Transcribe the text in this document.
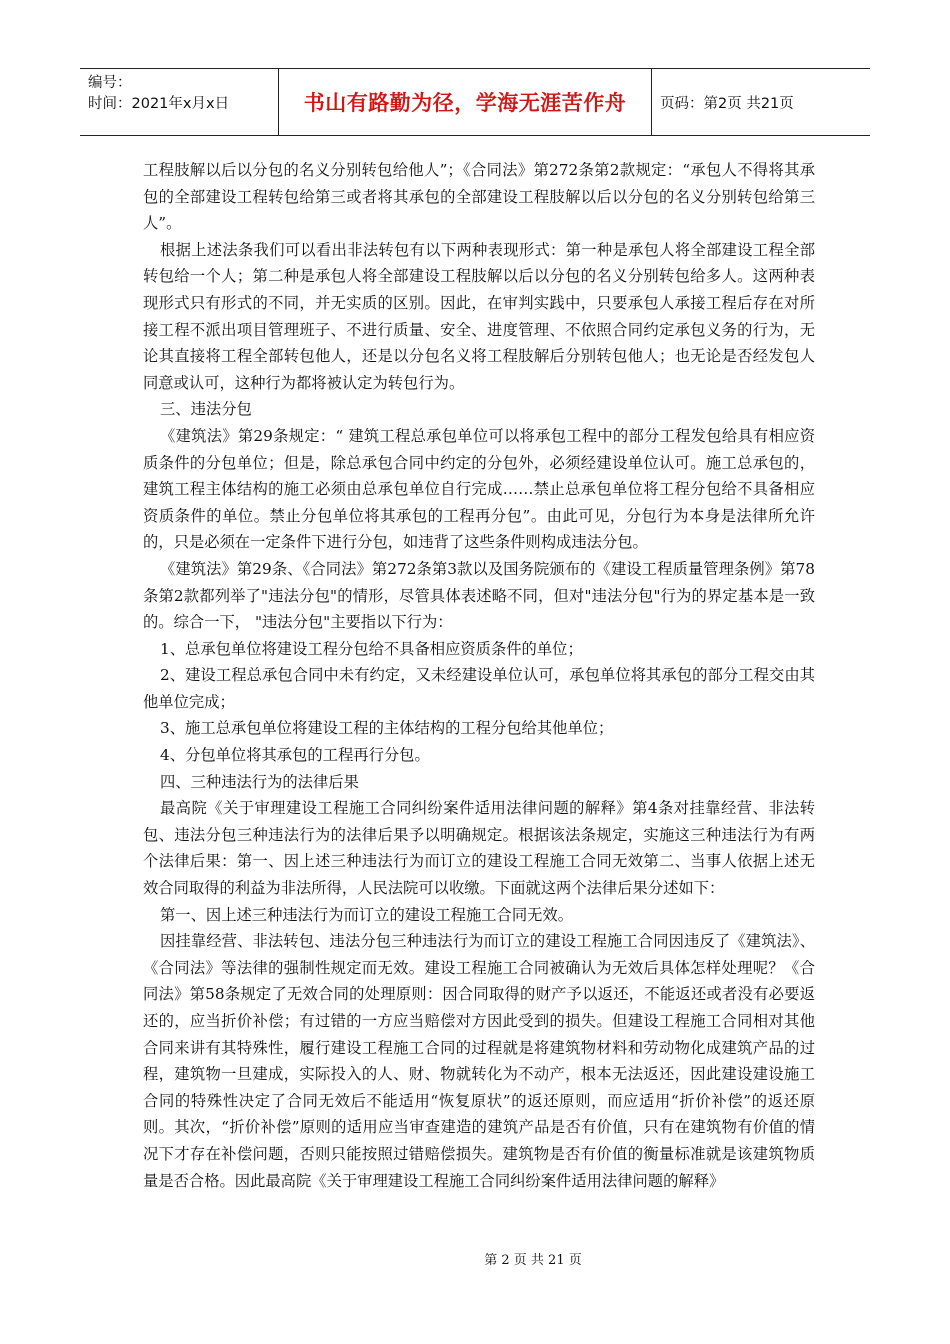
编号：
时间：2021年x月x日	书山有路勤为径，学海无涯苦作舟 页码：第2页 共21页

工程肢解以后以分包的名义分别转包给他人”；《合同法》第272条第2款规定：“承包人不得将其承包的全部建设工程转包给第三或者将其承包的全部建设工程肢解以后以分包的名义分别转包给第三人”。

根据上述法条我们可以看出非法转包有以下两种表现形式：第一种是承包人将全部建设工程全部转包给一个人；第二种是承包人将全部建设工程肢解以后以分包的名义分别转包给多人。这两种表现形式只有形式的不同，并无实质的区别。因此，在审判实践中，只要承包人承接工程后存在对所接工程不派出项目管理班子、不进行质量、安全、进度管理、不依照合同约定承包义务的行为，无论其直接将工程全部转包他人，还是以分包名义将工程肢解后分别转包他人；也无论是否经发包人同意或认可，这种行为都将被认定为转包行为。

三、违法分包

《建筑法》第29条规定：“ 建筑工程总承包单位可以将承包工程中的部分工程发包给具有相应资质条件的分包单位；但是，除总承包合同中约定的分包外，必须经建设单位认可。施工总承包的，建筑工程主体结构的施工必须由总承包单位自行完成……禁止总承包单位将工程分包给不具备相应资质条件的单位。禁止分包单位将其承包的工程再分包”。由此可见，分包行为本身是法律所允许的，只是必须在一定条件下进行分包，如违背了这些条件则构成违法分包。

《建筑法》第29条、《合同法》第272条第3款以及国务院颁布的《建设工程质量管理条例》第78条第2款都列举了"违法分包"的情形，尽管具体表述略不同，但对"违法分包"行为的界定基本是一致的。综合一下， "违法分包"主要指以下行为：

1、总承包单位将建设工程分包给不具备相应资质条件的单位；

2、建设工程总承包合同中未有约定，又未经建设单位认可，承包单位将其承包的部分工程交由其他单位完成；

3、施工总承包单位将建设工程的主体结构的工程分包给其他单位；

4、分包单位将其承包的工程再行分包。

四、三种违法行为的法律后果

最高院《关于审理建设工程施工合同纠纷案件适用法律问题的解释》第4条对挂靠经营、非法转包、违法分包三种违法行为的法律后果予以明确规定。根据该法条规定，实施这三种违法行为有两个法律后果：第一、因上述三种违法行为而订立的建设工程施工合同无效第二、当事人依据上述无效合同取得的利益为非法所得，人民法院可以收缴。下面就这两个法律后果分述如下：

第一、因上述三种违法行为而订立的建设工程施工合同无效。

因挂靠经营、非法转包、违法分包三种违法行为而订立的建设工程施工合同因违反了《建筑法》、《合同法》等法律的强制性规定而无效。建设工程施工合同被确认为无效后具体怎样处理呢？《合同法》第58条规定了无效合同的处理原则：因合同取得的财产予以返还，不能返还或者没有必要返还的，应当折价补偿；有过错的一方应当赔偿对方因此受到的损失。但建设工程施工合同相对其他合同来讲有其特殊性，履行建设工程施工合同的过程就是将建筑物材料和劳动物化成建筑产品的过程，建筑物一旦建成，实际投入的人、财、物就转化为不动产，根本无法返还，因此建设建设施工合同的特殊性决定了合同无效后不能适用“恢复原状”的返还原则，而应适用“折价补偿”的返还原则。其次，“折价补偿”原则的适用应当审查建造的建筑产品是否有价值，只有在建筑物有价值的情况下才存在补偿问题，否则只能按照过错赔偿损失。建筑物是否有价值的衡量标准就是该建筑物质量是否合格。因此最高院《关于审理建设工程施工合同纠纷案件适用法律问题的解释》

第 2 页 共 21 页
